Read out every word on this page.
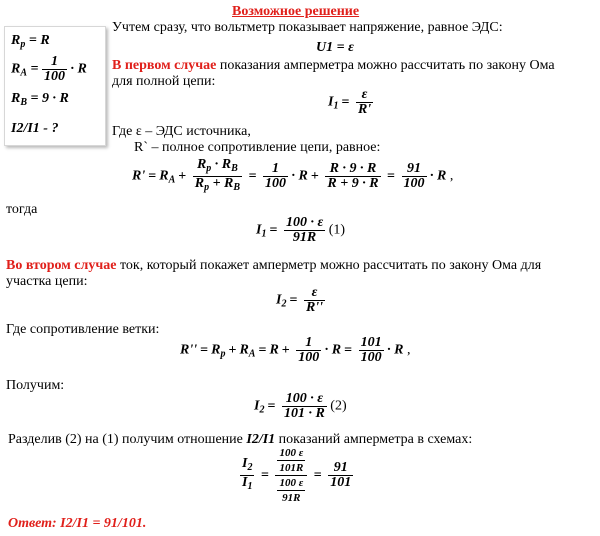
Возможное решение
$R_p = R$
$R_A = \frac{1}{100} \cdot R$
$R_B = 9 \cdot R$
I2/I1 - ?
Учтем сразу, что вольтметр показывает напряжение, равное ЭДС:
U1 = ε
В первом случае показания амперметра можно рассчитать по закону Ома
для полной цепи:
$I_1 = \frac{\varepsilon}{R'}$
Где ε – ЭДС источника,
R` – полное сопротивление цепи, равное:
$R' = R_A + \frac{R_p \cdot R_B}{R_p + R_B} = \frac{1}{100} \cdot R + \frac{R \cdot 9 \cdot R}{R + 9 \cdot R} = \frac{91}{100} \cdot R$ ,
тогда
$I_1 = \frac{100 \cdot \varepsilon}{91R} (1)$
Во втором случае ток, который покажет амперметр можно рассчитать по закону Ома для
участка цепи:
$I_2 = \frac{\varepsilon}{R''}$
Где сопротивление ветки:
$R'' = R_p + R_A = R + \frac{1}{100} \cdot R = \frac{101}{100} \cdot R$ ,
Получим:
$I_2 = \frac{100 \cdot \varepsilon}{101 \cdot R} (2)$
Разделив (2) на (1) получим отношение I2/I1 показаний амперметра в схемах:
$\frac{I_2}{I_1} = \frac{\frac{100 \varepsilon}{101R}}{\frac{100 \varepsilon}{91R}} = \frac{91}{101}$
Ответ: I2/I1 = 91/101.
